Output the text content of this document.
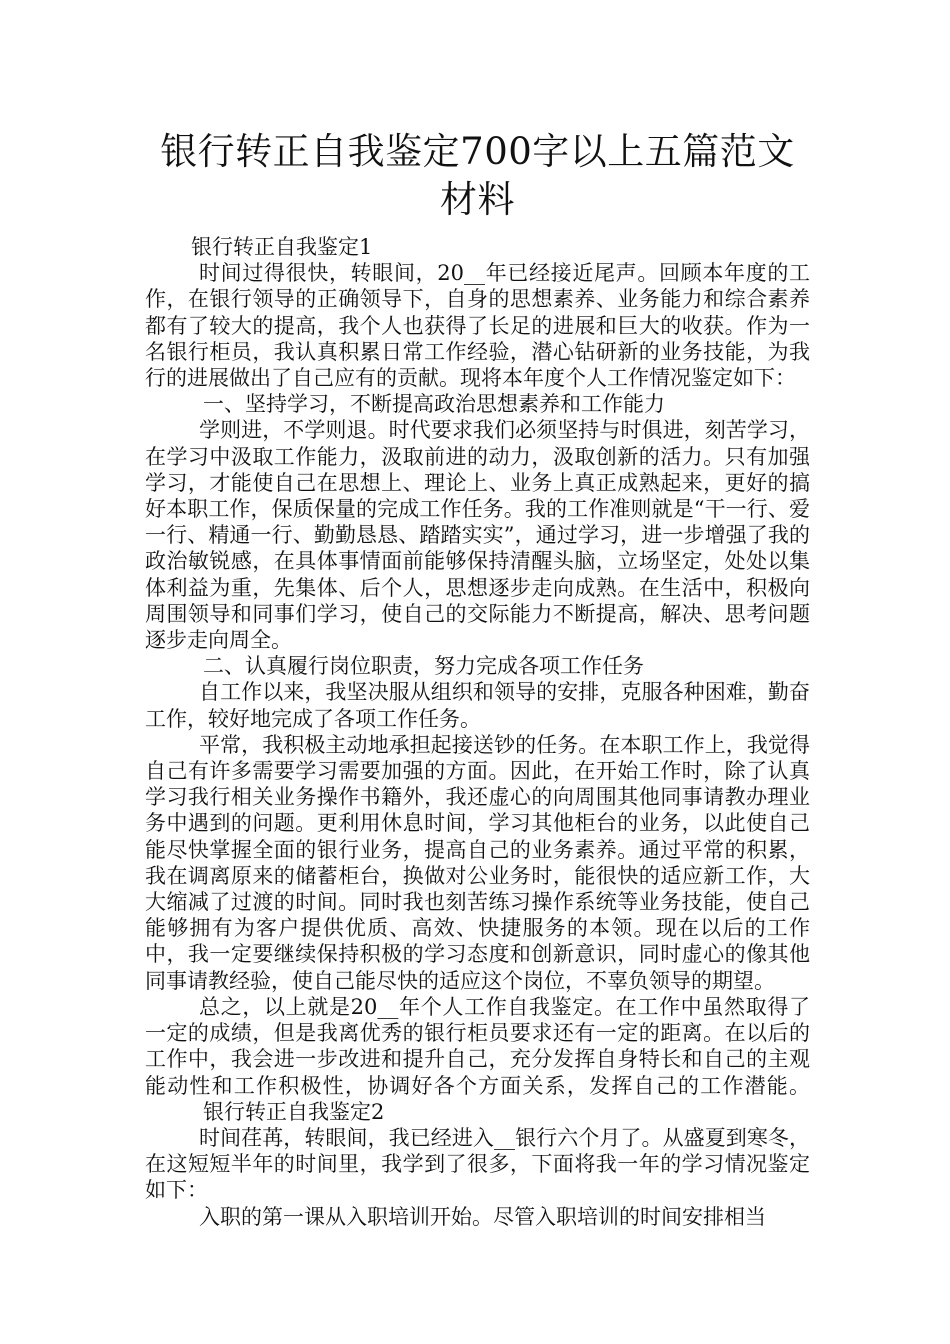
银行转正自我鉴定700字以上五篇范文材料
银行转正自我鉴定1
时间过得很快，转眼间，20__年已经接近尾声。回顾本年度的工作，在银行领导的正确领导下，自身的思想素养、业务能力和综合素养都有了较大的提高，我个人也获得了长足的进展和巨大的收获。作为一名银行柜员，我认真积累日常工作经验，潜心钻研新的业务技能，为我行的进展做出了自己应有的贡献。现将本年度个人工作情况鉴定如下：
一、坚持学习，不断提高政治思想素养和工作能力
学则进，不学则退。时代要求我们必须坚持与时俱进，刻苦学习，在学习中汲取工作能力，汲取前进的动力，汲取创新的活力。只有加强学习，才能使自己在思想上、理论上、业务上真正成熟起来，更好的搞好本职工作，保质保量的完成工作任务。我的工作准则就是“干一行、爱一行、精通一行、勤勤恳恳、踏踏实实”，通过学习，进一步增强了我的政治敏锐感，在具体事情面前能够保持清醒头脑，立场坚定，处处以集体利益为重，先集体、后个人，思想逐步走向成熟。在生活中，积极向周围领导和同事们学习，使自己的交际能力不断提高，解决、思考问题逐步走向周全。
二、认真履行岗位职责，努力完成各项工作任务
自工作以来，我坚决服从组织和领导的安排，克服各种困难，勤奋工作，较好地完成了各项工作任务。
平常，我积极主动地承担起接送钞的任务。在本职工作上，我觉得自己有许多需要学习需要加强的方面。因此，在开始工作时，除了认真学习我行相关业务操作书籍外，我还虚心的向周围其他同事请教办理业务中遇到的问题。更利用休息时间，学习其他柜台的业务，以此使自己能尽快掌握全面的银行业务，提高自己的业务素养。通过平常的积累，我在调离原来的储蓄柜台，换做对公业务时，能很快的适应新工作，大大缩减了过渡的时间。同时我也刻苦练习操作系统等业务技能，使自己能够拥有为客户提供优质、高效、快捷服务的本领。现在以后的工作中，我一定要继续保持积极的学习态度和创新意识，同时虚心的像其他同事请教经验，使自己能尽快的适应这个岗位，不辜负领导的期望。
总之，以上就是20__年个人工作自我鉴定。在工作中虽然取得了一定的成绩，但是我离优秀的银行柜员要求还有一定的距离。在以后的工作中，我会进一步改进和提升自己，充分发挥自身特长和自己的主观能动性和工作积极性，协调好各个方面关系，发挥自己的工作潜能。银行转正自我鉴定2
时间荏苒，转眼间，我已经进入__银行六个月了。从盛夏到寒冬，在这短短半年的时间里，我学到了很多，下面将我一年的学习情况鉴定如下：
入职的第一课从入职培训开始。尽管入职培训的时间安排相当
